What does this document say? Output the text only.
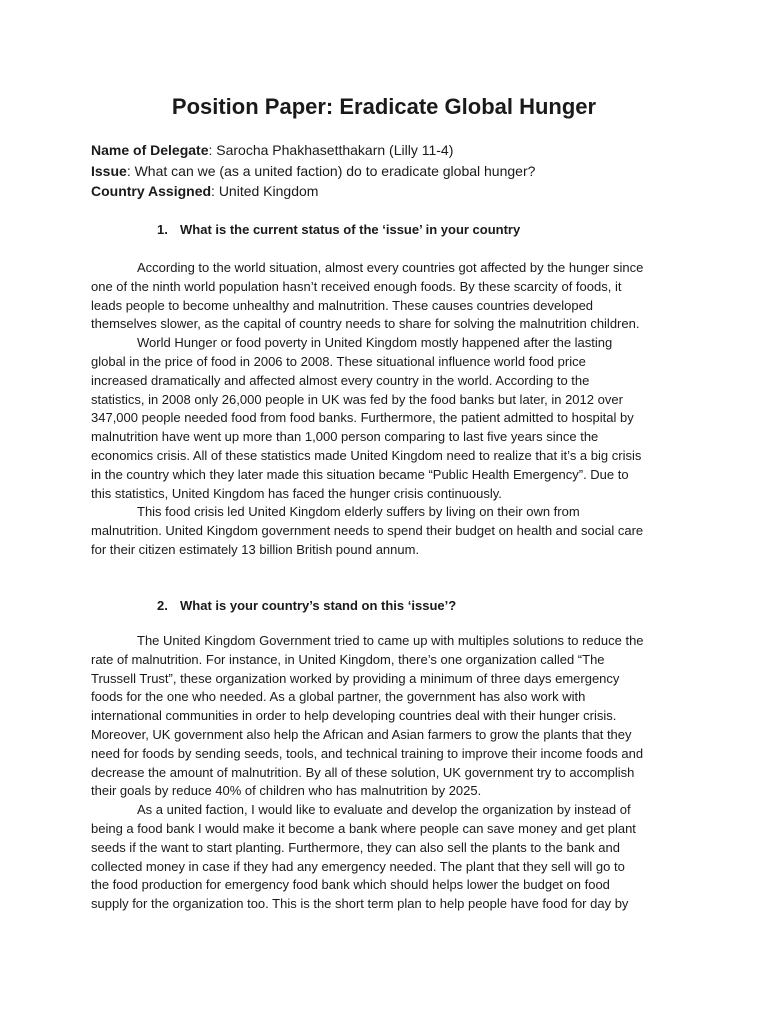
Position Paper: Eradicate Global Hunger
Name of Delegate: Sarocha Phakhasetthakarn (Lilly 11-4)
Issue: What can we (as a united faction) do to eradicate global hunger?
Country Assigned: United Kingdom
1. What is the current status of the ‘issue’ in your country
According to the world situation, almost every countries got affected by the hunger since
one of the ninth world population hasn’t received enough foods. By these scarcity of foods, it
leads people to become unhealthy and malnutrition. These causes countries developed
themselves slower, as the capital of country needs to share for solving the malnutrition children.
World Hunger or food poverty in United Kingdom mostly happened after the lasting
global in the price of food in 2006 to 2008. These situational influence world food price
increased dramatically and affected almost every country in the world. According to the
statistics, in 2008 only 26,000 people in UK was fed by the food banks but later, in 2012 over
347,000 people needed food from food banks. Furthermore, the patient admitted to hospital by
malnutrition have went up more than 1,000 person comparing to last five years since the
economics crisis. All of these statistics made United Kingdom need to realize that it’s a big crisis
in the country which they later made this situation became “Public Health Emergency”. Due to
this statistics, United Kingdom has faced the hunger crisis continuously.
This food crisis led United Kingdom elderly suffers by living on their own from
malnutrition. United Kingdom government needs to spend their budget on health and social care
for their citizen estimately 13 billion British pound annum.
2. What is your country’s stand on this ‘issue’?
The United Kingdom Government tried to came up with multiples solutions to reduce the
rate of malnutrition. For instance, in United Kingdom, there’s one organization called “The
Trussell Trust”, these organization worked by providing a minimum of three days emergency
foods for the one who needed. As a global partner, the government has also work with
international communities in order to help developing countries deal with their hunger crisis.
Moreover, UK government also help the African and Asian farmers to grow the plants that they
need for foods by sending seeds, tools, and technical training to improve their income foods and
decrease the amount of malnutrition. By all of these solution, UK government try to accomplish
their goals by reduce 40% of children who has malnutrition by 2025.
As a united faction, I would like to evaluate and develop the organization by instead of
being a food bank I would make it become a bank where people can save money and get plant
seeds if the want to start planting. Furthermore, they can also sell the plants to the bank and
collected money in case if they had any emergency needed. The plant that they sell will go to
the food production for emergency food bank which should helps lower the budget on food
supply for the organization too. This is the short term plan to help people have food for day by
